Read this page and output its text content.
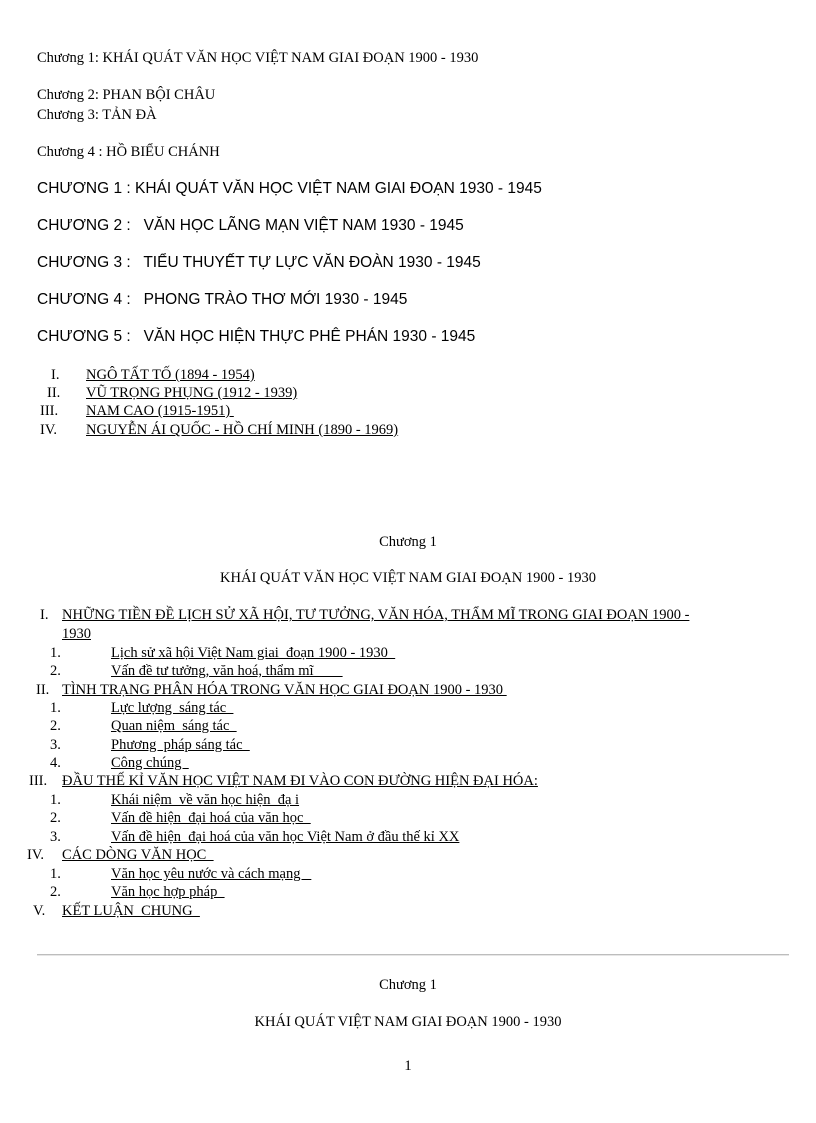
Chương 1: KHÁI QUÁT VĂN HỌC VIỆT NAM GIAI ĐOẠN 1900 - 1930
Chương 2: PHAN BỘI CHÂU
Chương 3: TẢN ĐÀ
Chương 4 : HỒ BIỂU CHÁNH
CHƯƠNG 1 : KHÁI QUÁT VĂN HỌC VIỆT NAM GIAI ĐOẠN 1930 - 1945
CHƯƠNG 2 :   VĂN HỌC LÃNG MẠN VIỆT NAM 1930 - 1945
CHƯƠNG 3 :   TIỂU THUYẾT TỰ LỰC VĂN ĐOÀN 1930 - 1945
CHƯƠNG 4 :   PHONG TRÀO THƠ MỚI 1930 - 1945
CHƯƠNG 5 :   VĂN HỌC HIỆN THỰC PHÊ PHÁN 1930 - 1945
I. NGÔ TẤT TỐ (1894 - 1954)
II. VŨ TRỌNG PHỤNG (1912 - 1939)
III. NAM CAO (1915-1951)
IV. NGUYỄN ÁI QUỐC - HỒ CHÍ MINH (1890 - 1969)
Chương 1
KHÁI QUÁT VĂN HỌC VIỆT NAM GIAI ĐOẠN 1900 - 1930
I. NHỮNG TIỀN ĐỀ LỊCH SỬ XÃ HỘI, TƯ TƯỞNG, VĂN HÓA, THẨM MĨ TRONG GIAI ĐOẠN 1900 -
1930
1.	Lịch sử xã hội Việt Nam giai  đoạn 1900 - 1930
2.	Vấn đề tư tưởng, văn hoá, thẩm mĩ
II. TÌNH TRẠNG PHÂN HÓA TRONG VĂN HỌC GIAI ĐOẠN 1900 - 1930
1.	Lực lượng  sáng tác
2.	Quan niệm  sáng tác
3.	Phương  pháp sáng tác
4.	Công chúng
III. ĐẦU THẾ KỈ VĂN HỌC VIỆT NAM ĐI VÀO CON ĐƯỜNG HIỆN ĐẠI HÓA:
1.	Khái niệm  về văn học hiện  đạ i
2.	Vấn đề hiện  đại hoá của văn học
3.	Vấn đề hiện  đại hoá của văn học Việt Nam ở đầu thế kỉ XX
IV. CÁC DÒNG VĂN HỌC
1.	Văn học yêu nước và cách mạng
2.	Văn học hợp pháp
V. KẾT LUẬN  CHUNG
Chương 1
KHÁI QUÁT VIỆT NAM GIAI ĐOẠN 1900 - 1930
1
